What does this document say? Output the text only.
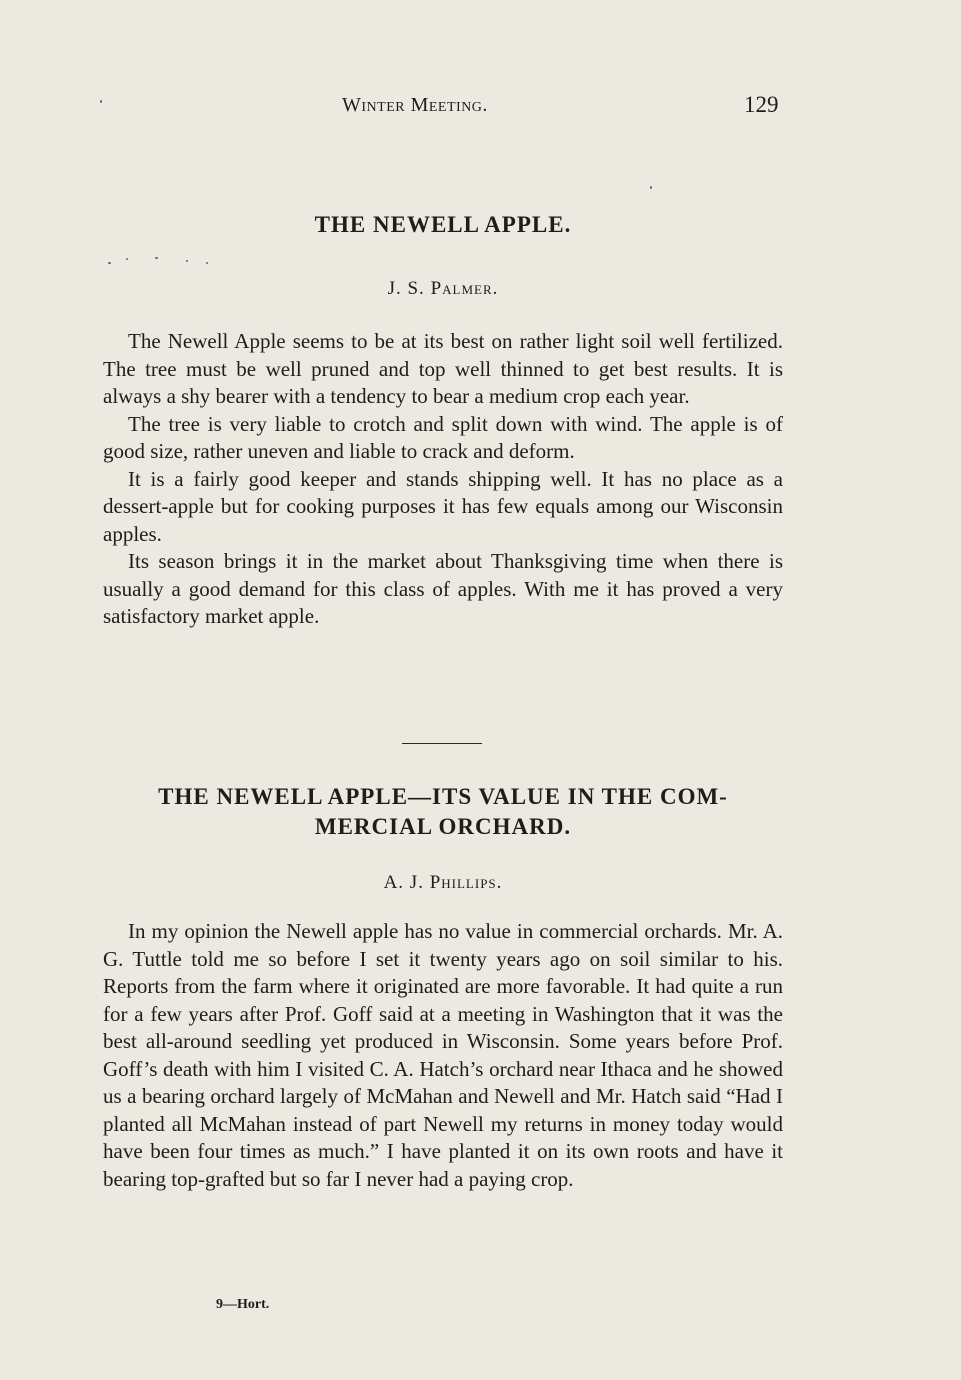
Winter Meeting.	129
THE NEWELL APPLE.
J. S. Palmer.

The Newell Apple seems to be at its best on rather light soil well fertilized. The tree must be well pruned and top well thinned to get best results. It is always a shy bearer with a tendency to bear a medium crop each year.

The tree is very liable to crotch and split down with wind. The apple is of good size, rather uneven and liable to crack and deform.

It is a fairly good keeper and stands shipping well. It has no place as a dessert-apple but for cooking purposes it has few equals among our Wisconsin apples.

Its season brings it in the market about Thanksgiving time when there is usually a good demand for this class of apples. With me it has proved a very satisfactory market apple.

THE NEWELL APPLE—ITS VALUE IN THE COM-
MERCIAL ORCHARD.
A. J. Phillips.

In my opinion the Newell apple has no value in commercial orchards. Mr. A. G. Tuttle told me so before I set it twenty years ago on soil similar to his. Reports from the farm where it originated are more favorable. It had quite a run for a few years after Prof. Goff said at a meeting in Washington that it was the best all-around seedling yet produced in Wisconsin. Some years before Prof. Goff’s death with him I visited C. A. Hatch’s orchard near Ithaca and he showed us a bearing orchard largely of McMahan and Newell and Mr. Hatch said “Had I planted all McMahan instead of part Newell my returns in money today would have been four times as much.” I have planted it on its own roots and have it bearing top-grafted but so far I never had a paying crop.

9—Hort.
